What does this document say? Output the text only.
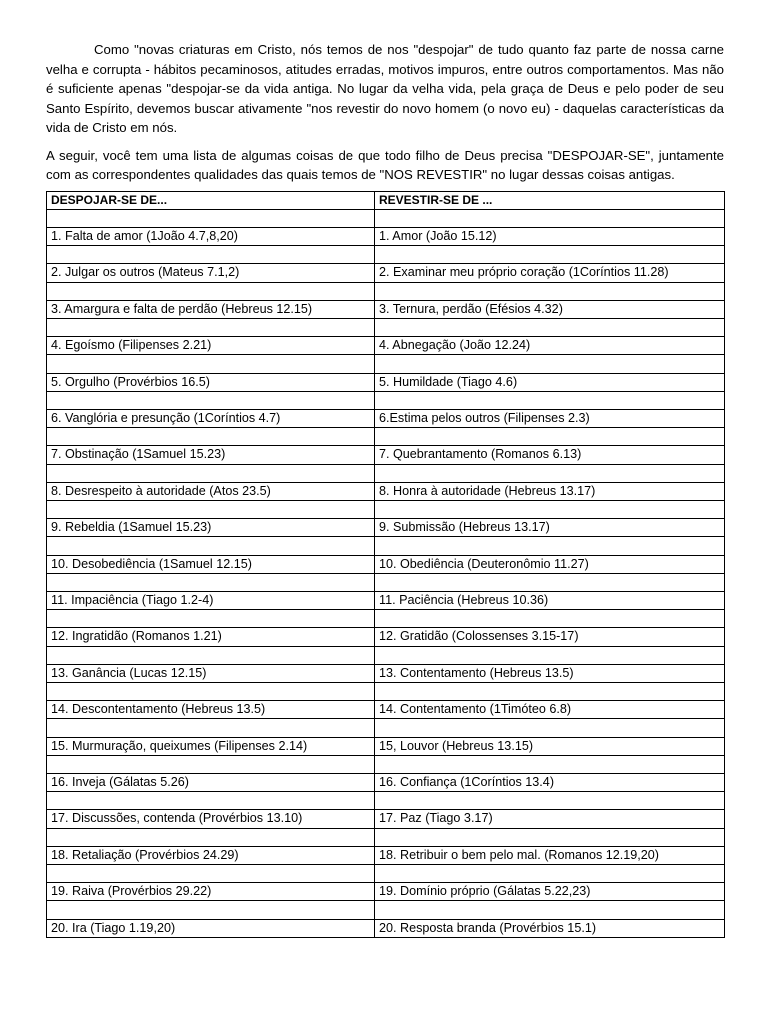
Como "novas criaturas em Cristo, nós temos de nos "despojar" de tudo quanto faz parte de nossa carne velha e corrupta - hábitos pecaminosos, atitudes erradas, motivos impuros, entre outros comportamentos. Mas não é suficiente apenas "despojar-se da vida antiga. No lugar da velha vida, pela graça de Deus e pelo poder de seu Santo Espírito, devemos buscar ativamente "nos revestir do novo homem (o novo eu) - daquelas características da vida de Cristo em nós.

A seguir, você tem uma lista de algumas coisas de que todo filho de Deus precisa "DESPOJAR-SE", juntamente com as correspondentes qualidades das quais temos de "NOS REVESTIR" no lugar dessas coisas antigas.

DESPOJAR-SE DE...	REVESTIR-SE DE ...

1. Falta de amor (1João 4.7,8,20)	1. Amor (João 15.12)

2. Julgar os outros (Mateus 7.1,2)	2. Examinar meu próprio coração (1Coríntios 11.28)

3. Amargura e falta de perdão (Hebreus 12.15)	3. Ternura, perdão (Efésios 4.32)

4. Egoísmo (Filipenses 2.21)	4. Abnegação (João 12.24)

5. Orgulho (Provérbios 16.5)	5. Humildade (Tiago 4.6)

6. Vanglória e presunção (1Coríntios 4.7)	6.Estima pelos outros (Filipenses 2.3)

7. Obstinação (1Samuel 15.23)	7. Quebrantamento (Romanos 6.13)

8. Desrespeito à autoridade (Atos 23.5)	8. Honra à autoridade (Hebreus 13.17)

9. Rebeldia (1Samuel 15.23)	9. Submissão (Hebreus 13.17)

10. Desobediência (1Samuel 12.15)	10. Obediência (Deuteronômio 11.27)

11. Impaciência (Tiago 1.2-4)	11. Paciência (Hebreus 10.36)

12. Ingratidão (Romanos 1.21)	12. Gratidão (Colossenses 3.15-17)

13. Ganância (Lucas 12.15)	13. Contentamento (Hebreus 13.5)

14. Descontentamento (Hebreus 13.5)	14. Contentamento (1Timóteo 6.8)

15. Murmuração, queixumes (Filipenses 2.14)	15, Louvor (Hebreus 13.15)

16. Inveja (Gálatas 5.26)	16. Confiança (1Coríntios 13.4)

17. Discussões, contenda (Provérbios 13.10)	17. Paz (Tiago 3.17)

18. Retaliação (Provérbios 24.29)	18. Retribuir o bem pelo mal. (Romanos 12.19,20)

19. Raiva (Provérbios 29.22)	19. Domínio próprio (Gálatas 5.22,23)

20. Ira (Tiago 1.19,20)	20. Resposta branda (Provérbios 15.1)
